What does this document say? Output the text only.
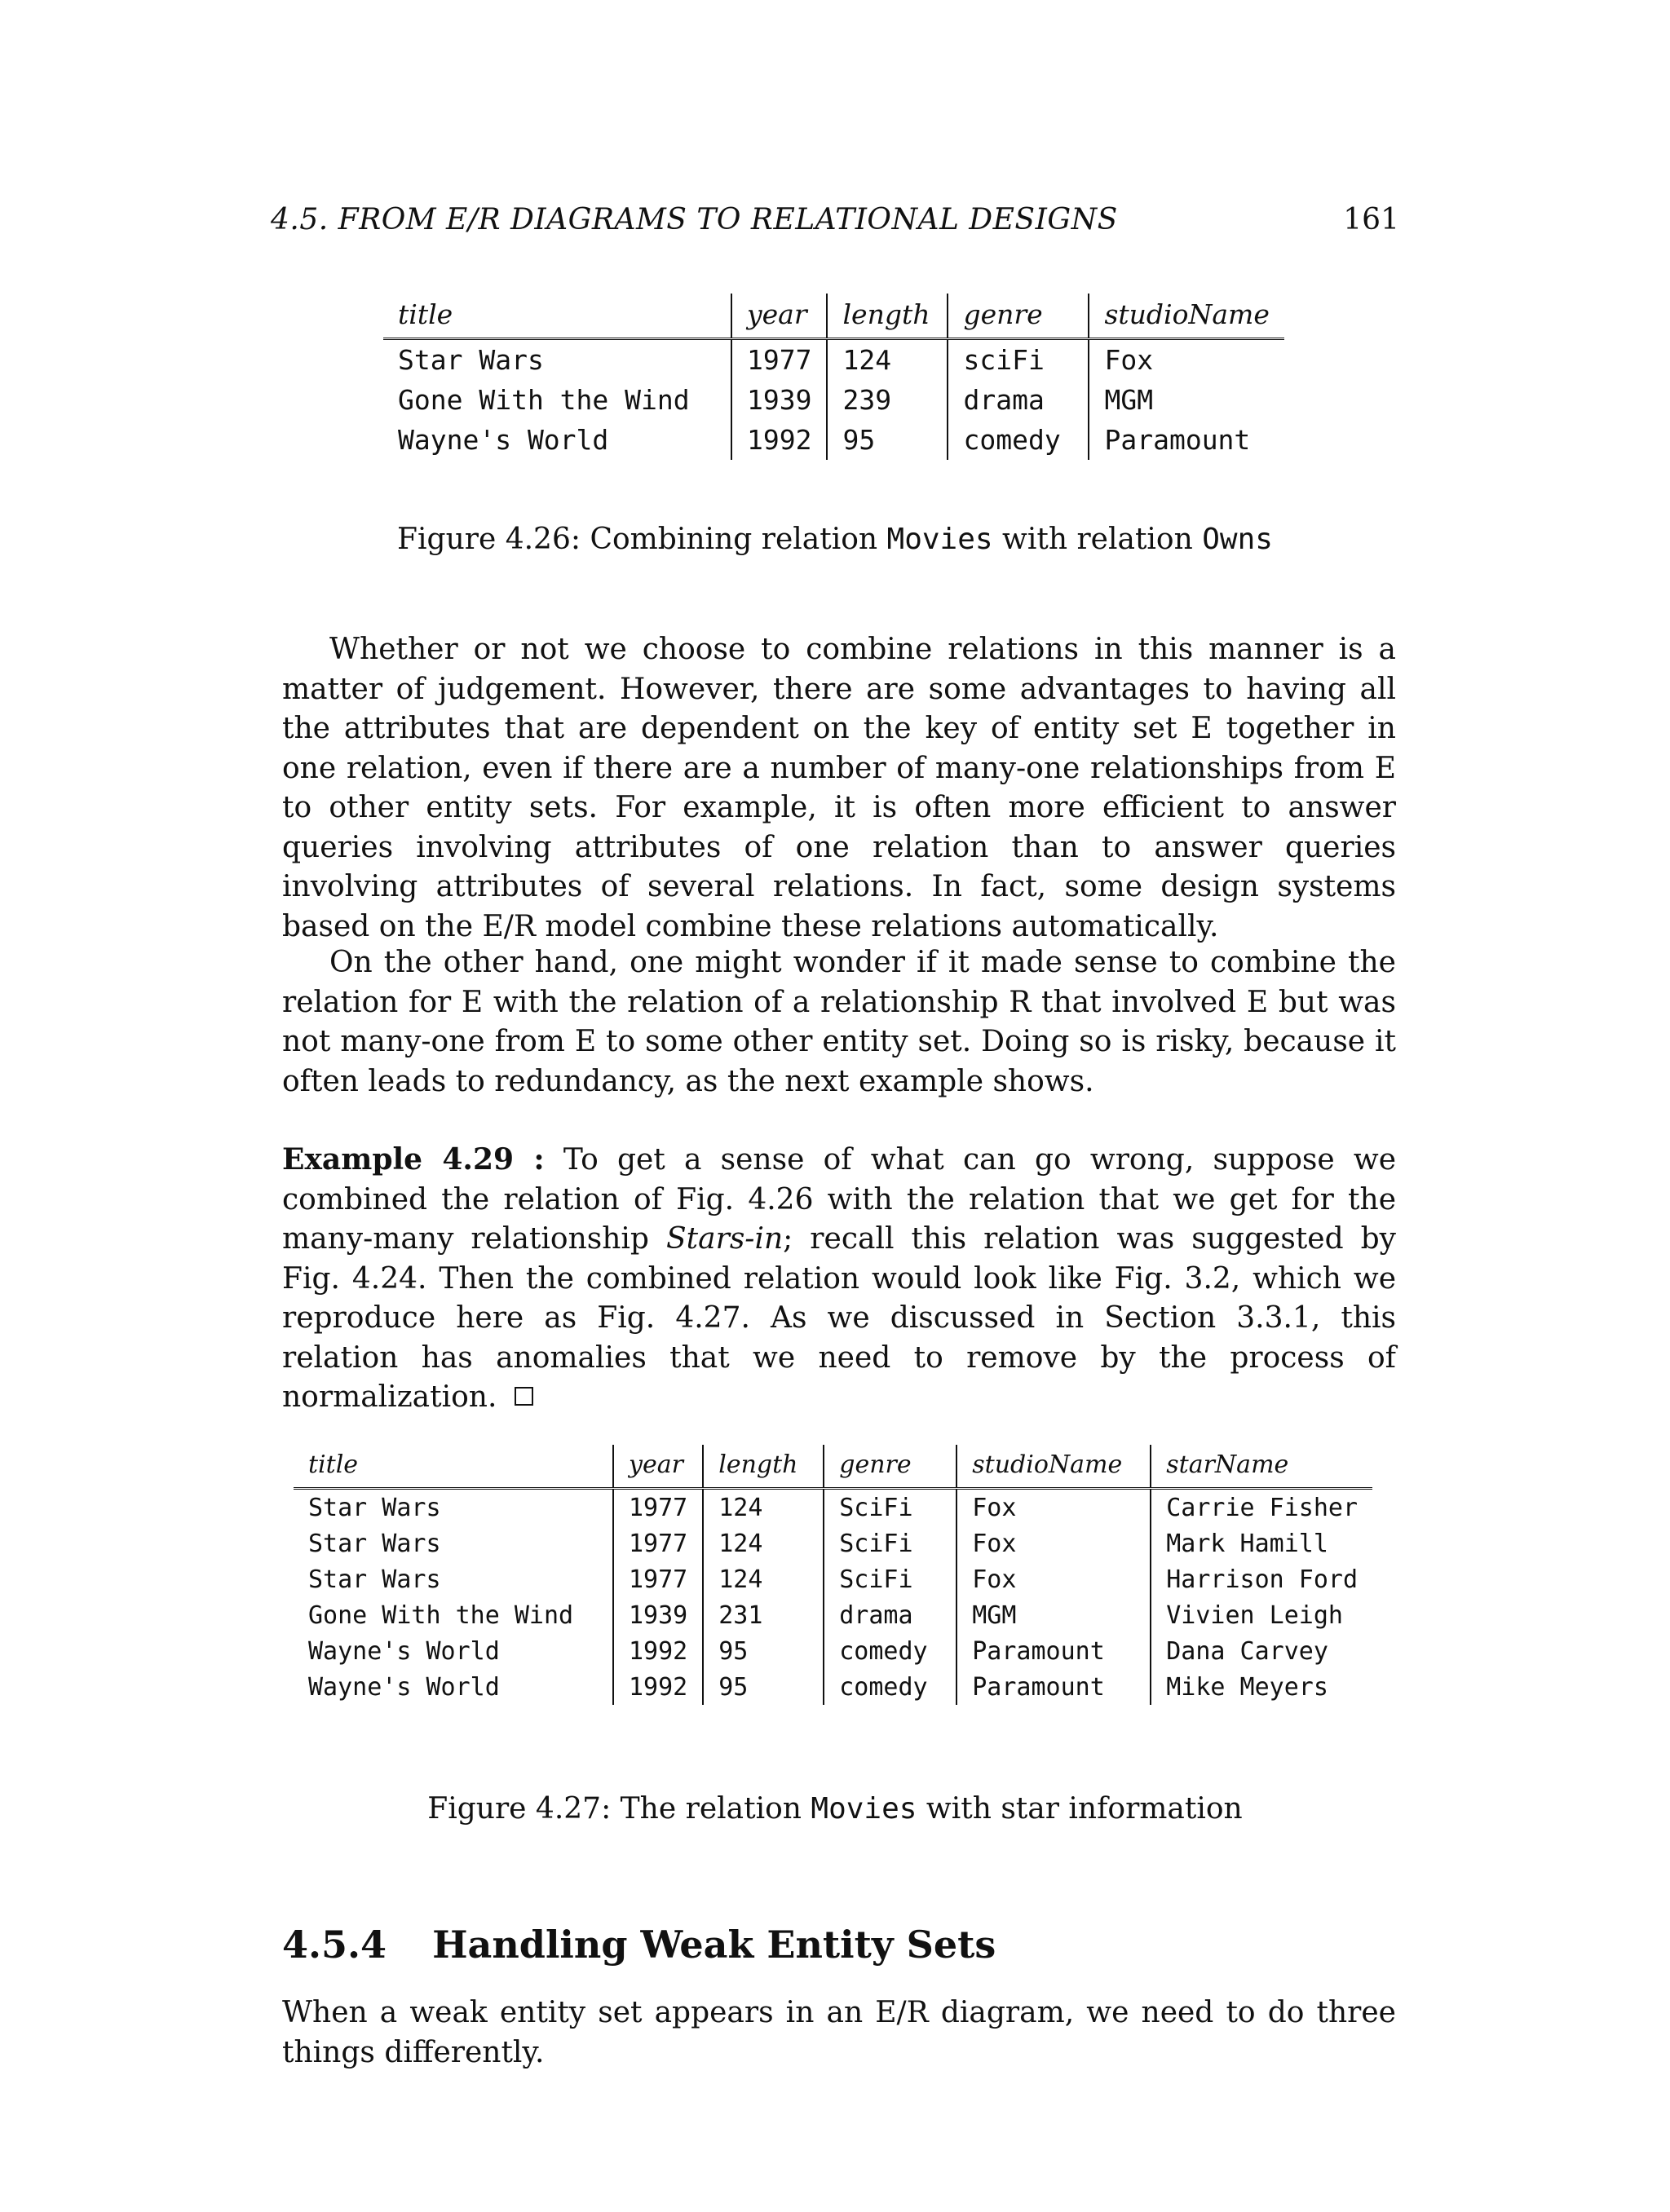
4.5. FROM E/R DIAGRAMS TO RELATIONAL DESIGNS	161
title	year	length	genre	studioName
Star Wars	1977	124	sciFi	Fox
Gone With the Wind	1939	239	drama	MGM
Wayne's World	1992	95	comedy	Paramount
Figure 4.26: Combining relation Movies with relation Owns

Whether or not we choose to combine relations in this manner is a matter of judgement. However, there are some advantages to having all the attributes that are dependent on the key of entity set E together in one relation, even if there are a number of many-one relationships from E to other entity sets. For example, it is often more efficient to answer queries involving attributes of one relation than to answer queries involving attributes of several relations. In fact, some design systems based on the E/R model combine these relations automatically.

On the other hand, one might wonder if it made sense to combine the relation for E with the relation of a relationship R that involved E but was not many-one from E to some other entity set. Doing so is risky, because it often leads to redundancy, as the next example shows.

Example 4.29 : To get a sense of what can go wrong, suppose we combined the relation of Fig. 4.26 with the relation that we get for the many-many relationship Stars-in; recall this relation was suggested by Fig. 4.24. Then the combined relation would look like Fig. 3.2, which we reproduce here as Fig. 4.27. As we discussed in Section 3.3.1, this relation has anomalies that we need to remove by the process of normalization.

title	year	length	genre	studioName	starName
Star Wars	1977	124	SciFi	Fox	Carrie Fisher
Star Wars	1977	124	SciFi	Fox	Mark Hamill
Star Wars	1977	124	SciFi	Fox	Harrison Ford
Gone With the Wind	1939	231	drama	MGM	Vivien Leigh
Wayne's World	1992	95	comedy	Paramount	Dana Carvey
Wayne's World	1992	95	comedy	Paramount	Mike Meyers
Figure 4.27: The relation Movies with star information
4.5.4 Handling Weak Entity Sets

When a weak entity set appears in an E/R diagram, we need to do three things differently.
